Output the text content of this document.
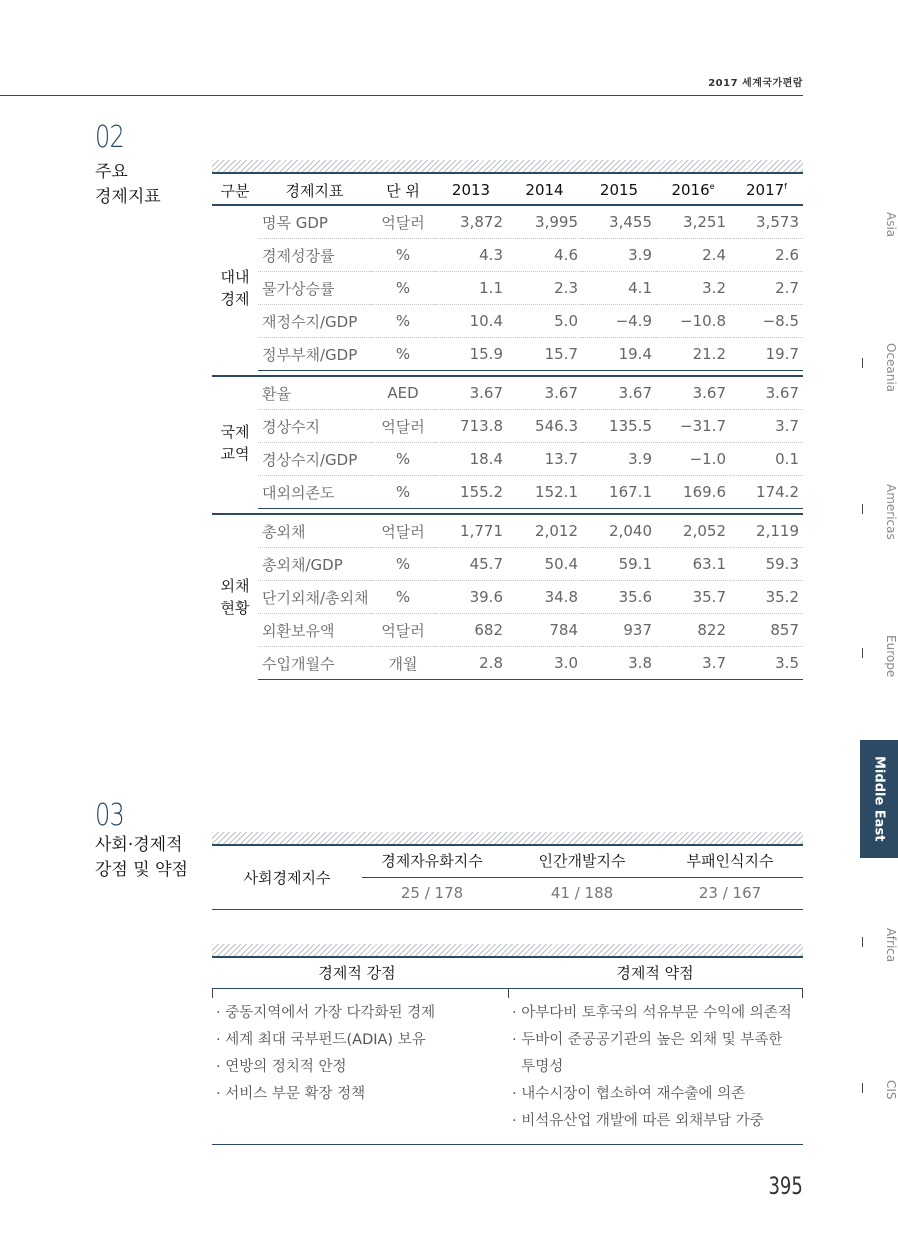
2017 세계국가편람
02
주요
경제지표	구분	경제지표	단 위	2013	2014	2015	2016e	2017$^f$

대내
경제	명목 GDP	억달러	3,872	3,995	3,455	3,251	3,573
	경제성장률	%	4.3	4.6	3.9	2.4	2.6
	물가상승률	%	1.1	2.3	4.1	3.2	2.7
	재정수지/GDP	%	10.4	5.0	−4.9	−10.8	−8.5
	정부부채/GDP	%	15.9	15.7	19.4	21.2	19.7

국제
교역	환율	AED	3.67	3.67	3.67	3.67	3.67
	경상수지	억달러	713.8	546.3	135.5	−31.7	3.7
	경상수지/GDP	%	18.4	13.7	3.9	−1.0	0.1
	대외의존도	%	155.2	152.1	167.1	169.6	174.2

외채
현황	총외채	억달러	1,771	2,012	2,040	2,052	2,119
	총외채/GDP	%	45.7	50.4	59.1	63.1	59.3
	단기외채/총외채	%	39.6	34.8	35.6	35.7	35.2
	외환보유액	억달러	682	784	937	822	857
	수입개월수	개월	2.8	3.0	3.8	3.7	3.5
03
사회·경제적
강점 및 약점	사회경제지수
경제자유화지수	인간개발지수	부패인식지수
25 / 178	41 / 188	23 / 167
경제적 강점	경제적 약점
· 중동지역에서 가장 다각화된 경제
· 세계 최대 국부펀드(ADIA) 보유
· 연방의 정치적 안정
· 서비스 부문 확장 정책
· 아부다비 토후국의 석유부문 수익에 의존적
· 두바이 준공공기관의 높은 외채 및 부족한
투명성
· 내수시장이 협소하여 재수출에 의존
· 비석유산업 개발에 따른 외채부담 가중
Asia
Oceania
Americas
Europe
Middle East
Africa
CIS
395
